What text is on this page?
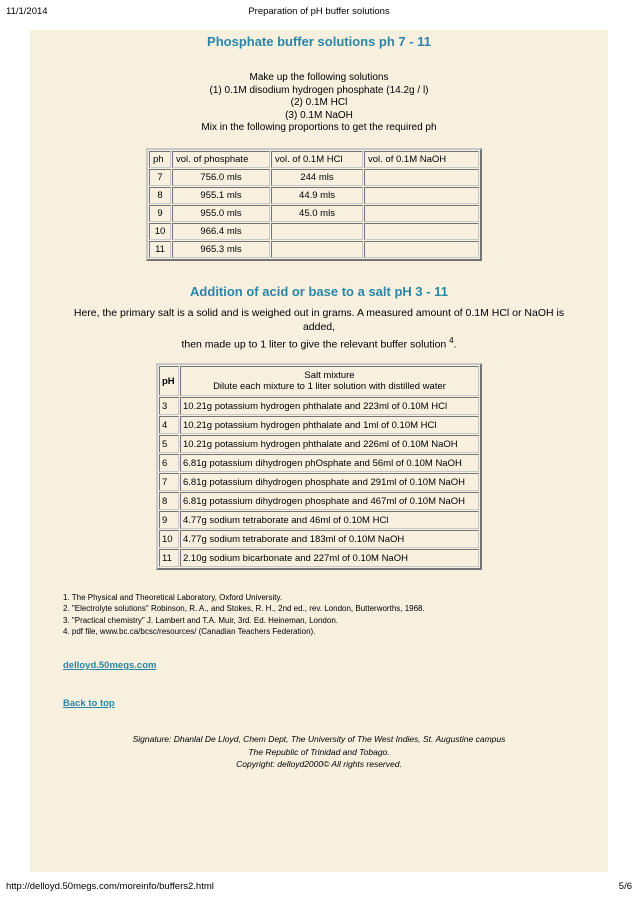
11/1/2014	Preparation of pH buffer solutions
Phosphate buffer solutions ph 7 - 11
Make up the following solutions
(1) 0.1M disodium hydrogen phosphate (14.2g / l)
(2) 0.1M HCl
(3) 0.1M NaOH
Mix in the following proportions to get the required ph
ph	vol. of phosphate	vol. of 0.1M HCl	vol. of 0.1M NaOH
7	756.0 mls	244 mls	
8	955.1 mls	44.9 mls	
9	955.0 mls	45.0 mls	
10	966.4 mls		
11	965.3 mls		
Addition of acid or base to a salt pH 3 - 11
Here, the primary salt is a solid and is weighed out in grams. A measured amount of 0.1M HCl or NaOH is
added,
then made up to 1 liter to give the relevant buffer solution $^4$.
pH	Salt mixture
Dilute each mixture to 1 liter solution with distilled water

3	10.21g potassium hydrogen phthalate and 223ml of 0.10M HCl
4	10.21g potassium hydrogen phthalate and 1ml of 0.10M HCl
5	10.21g potassium hydrogen phthalate and 226ml of 0.10M NaOH
6	6.81g potassium dihydrogen phOsphate and 56ml of 0.10M NaOH
7	6.81g potassium dihydrogen phosphate and 291ml of 0.10M NaOH
8	6.81g potassium dihydrogen phosphate and 467ml of 0.10M NaOH
9	4.77g sodium tetraborate and 46ml of 0.10M HCl
10	4.77g sodium tetraborate and 183ml of 0.10M NaOH
11	2.10g sodium bicarbonate and 227ml of 0.10M NaOH
1. The Physical and Theoretical Laboratory, Oxford University.
2. "Electrolyte solutions" Robinson, R. A., and Stokes, R. H., 2nd ed., rev. London, Butterworths, 1968.
3. "Practical chemistry" J. Lambert and T.A. Muir, 3rd. Ed. Heineman, London.
4. pdf file, www.bc.ca/bcsc/resources/ (Canadian Teachers Federation).
delloyd.50megs.com
Back to top
Signature: Dhanlal De Lloyd, Chem Dept, The University of The West Indies, St. Augustine campus
The Republic of Trinidad and Tobago.
Copyright: delloyd2000© All rights reserved.
http://delloyd.50megs.com/moreinfo/buffers2.html	5/6
